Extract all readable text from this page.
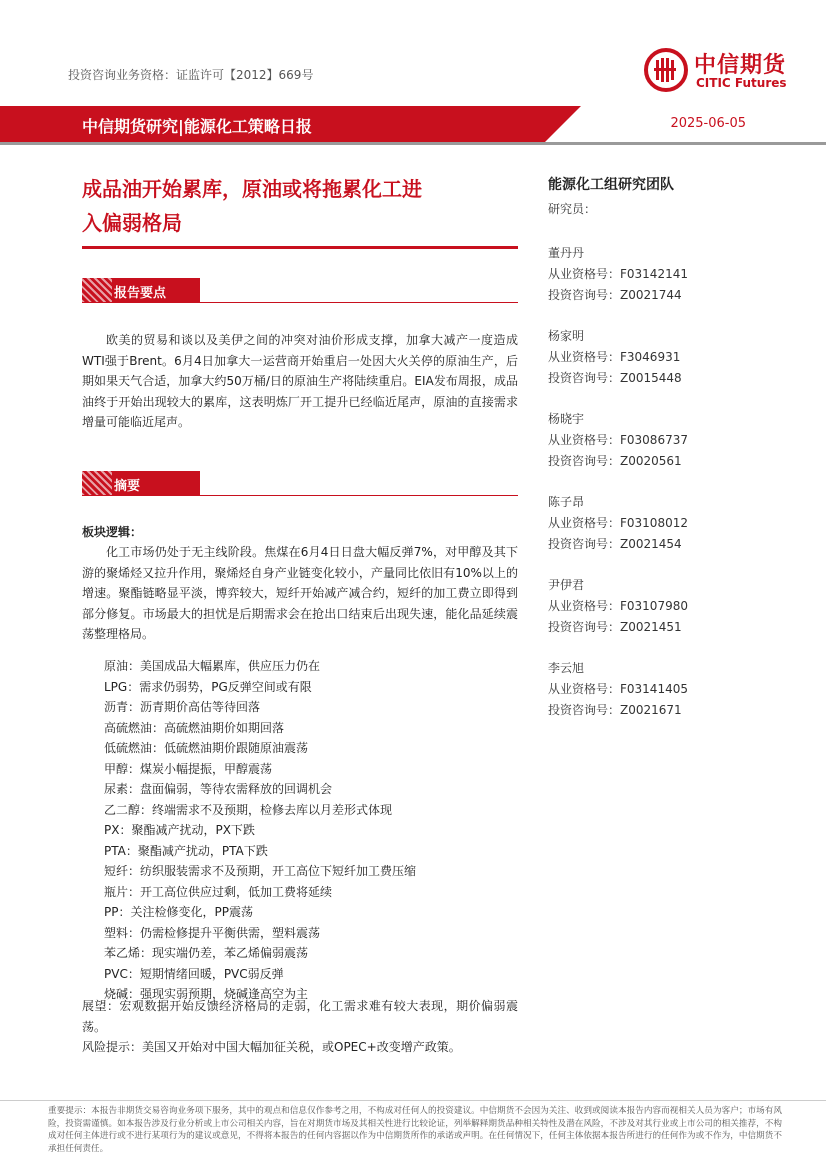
投资咨询业务资格：证监许可【2012】669号	中信期货
CITIC Futures
中信期货研究|能源化工策略日报	2025-06-05
成品油开始累库，原油或将拖累化工进
入偏弱格局
报告要点
欧美的贸易和谈以及美伊之间的冲突对油价形成支撑，加拿大减产一度造成WTI强于Brent。6月4日加拿大一运营商开始重启一处因大火关停的原油生产，后期如果天气合适，加拿大约50万桶/日的原油生产将陆续重启。EIA发布周报，成品油终于开始出现较大的累库，这表明炼厂开工提升已经临近尾声，原油的直接需求增量可能临近尾声。
摘要
板块逻辑：
化工市场仍处于无主线阶段。焦煤在6月4日日盘大幅反弹7%，对甲醇及其下游的聚烯烃又拉升作用，聚烯烃自身产业链变化较小，产量同比依旧有10%以上的增速。聚酯链略显平淡，博弈较大，短纤开始减产减合约，短纤的加工费立即得到部分修复。市场最大的担忧是后期需求会在抢出口结束后出现失速，能化品延续震荡整理格局。
原油：美国成品大幅累库，供应压力仍在
LPG：需求仍弱势，PG反弹空间或有限
沥青：沥青期价高估等待回落
高硫燃油：高硫燃油期价如期回落
低硫燃油：低硫燃油期价跟随原油震荡
甲醇：煤炭小幅提振，甲醇震荡
尿素：盘面偏弱，等待农需释放的回调机会
乙二醇：终端需求不及预期，检修去库以月差形式体现
PX：聚酯减产扰动，PX下跌
PTA：聚酯减产扰动，PTA下跌
短纤：纺织服装需求不及预期，开工高位下短纤加工费压缩
瓶片：开工高位供应过剩，低加工费将延续
PP：关注检修变化，PP震荡
塑料：仍需检修提升平衡供需，塑料震荡
苯乙烯：现实端仍差，苯乙烯偏弱震荡
PVC：短期情绪回暖，PVC弱反弹
烧碱：强现实弱预期，烧碱逢高空为主
展望：宏观数据开始反馈经济格局的走弱，化工需求难有较大表现，期价偏弱震荡。
风险提示：美国又开始对中国大幅加征关税，或OPEC+改变增产政策。
能源化工组研究团队
研究员：
董丹丹
从业资格号：F03142141
投资咨询号：Z0021744
杨家明
从业资格号：F3046931
投资咨询号：Z0015448
杨晓宇
从业资格号：F03086737
投资咨询号：Z0020561
陈子昂
从业资格号：F03108012
投资咨询号：Z0021454
尹伊君
从业资格号：F03107980
投资咨询号：Z0021451
李云旭
从业资格号：F03141405
投资咨询号：Z0021671
重要提示：本报告非期货交易咨询业务项下服务，其中的观点和信息仅作参考之用，不构成对任何人的投资建议。中信期货不会因为关注、收到或阅读本报告内容而视相关人员为客户；市场有风险，投资需谨慎。如本报告涉及行业分析或上市公司相关内容，旨在对期货市场及其相关性进行比较论证，列举解释期货品种相关特性及潜在风险，不涉及对其行业或上市公司的相关推荐，不构成对任何主体进行或不进行某项行为的建议或意见，不得将本报告的任何内容据以作为中信期货所作的承诺或声明。在任何情况下，任何主体依据本报告所进行的任何作为或不作为，中信期货不承担任何责任。
